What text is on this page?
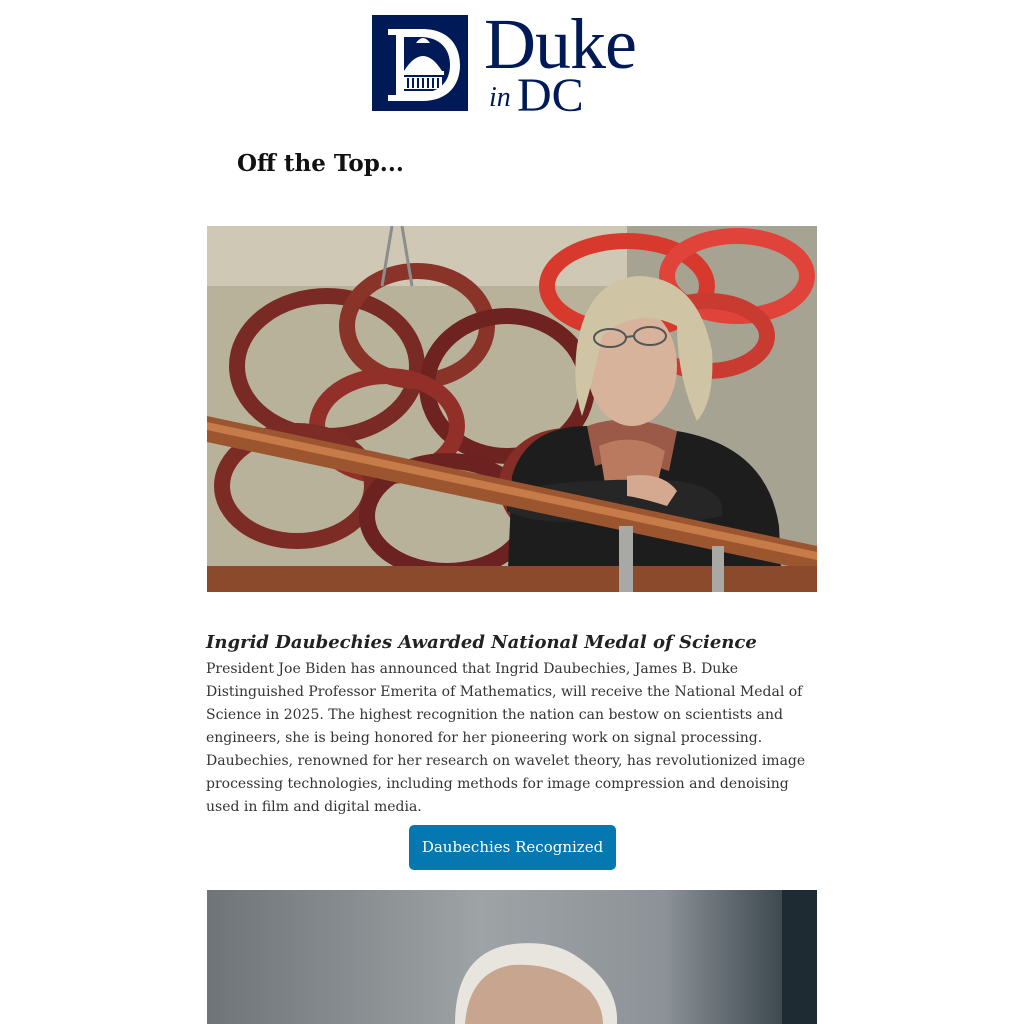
Duke
in DC
Off the Top...
Ingrid Daubechies Awarded National Medal of Science

President Joe Biden has announced that Ingrid Daubechies, James B. Duke Distinguished Professor Emerita of Mathematics, will receive the National Medal of Science in 2025. The highest recognition the nation can bestow on scientists and engineers, she is being honored for her pioneering work on signal processing. Daubechies, renowned for her research on wavelet theory, has revolutionized image processing technologies, including methods for image compression and denoising used in film and digital media.

Daubechies Recognized
